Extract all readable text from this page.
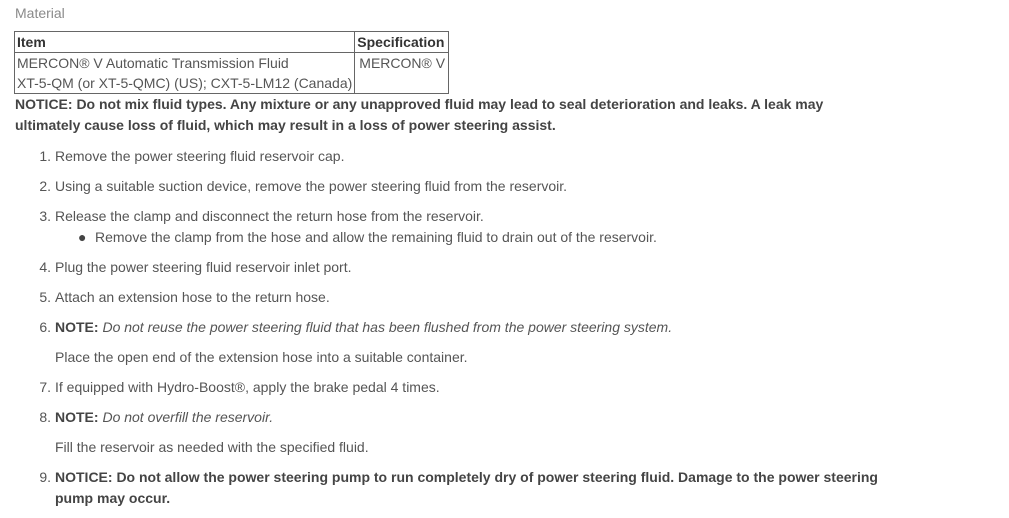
Material
Item	Specification

MERCON® V Automatic Transmission Fluid
XT-5-QM (or XT-5-QMC) (US); CXT-5-LM12 (Canada)	MERCON® V
NOTICE: Do not mix fluid types. Any mixture or any unapproved fluid may lead to seal deterioration and leaks. A leak may ultimately cause loss of fluid, which may result in a loss of power steering assist.
1. Remove the power steering fluid reservoir cap.
2. Using a suitable suction device, remove the power steering fluid from the reservoir.
3. Release the clamp and disconnect the return hose from the reservoir.
● Remove the clamp from the hose and allow the remaining fluid to drain out of the reservoir.
4. Plug the power steering fluid reservoir inlet port.
5. Attach an extension hose to the return hose.
6. NOTE: Do not reuse the power steering fluid that has been flushed from the power steering system.
Place the open end of the extension hose into a suitable container.
7. If equipped with Hydro-Boost®, apply the brake pedal 4 times.
8. NOTE: Do not overfill the reservoir.
Fill the reservoir as needed with the specified fluid.
9. NOTICE: Do not allow the power steering pump to run completely dry of power steering fluid. Damage to the power steering pump may occur.
